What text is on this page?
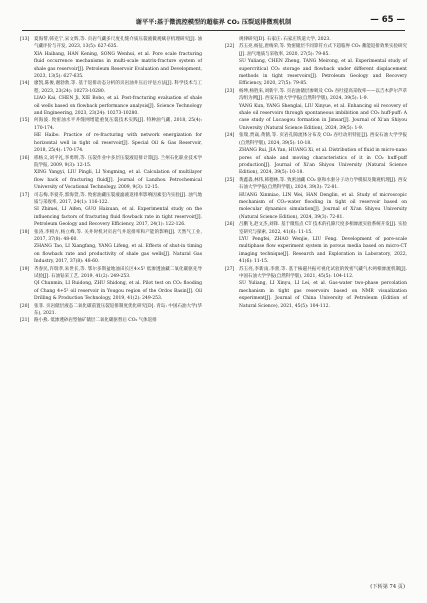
谢平平:基于微流控模型的超临界 CO₂ 压裂返排微观机制	— 65 —
[13] 夏海帮,韩克宁,宋文辉,等. 页岩气藏多尺度孔缝介质压裂液微观赋存机理研究[J]. 油气藏评价与开发, 2023, 13(5): 627-635.
XIA Haibang, HAN Kening, SONG Wenhui, et al. Pore scale fracturing fluid occurrence mechanisms in multi-scale matrix-fracture system of shale gas reservoir[J]. Petroleum Reservoir Evaluation and Development, 2023, 13(5): 627-635.
[14] 廖凯,陈俊,谢勃勃,等. 基于返排动态分析的页岩油井压后评估方法[J]. 科学技术与工程, 2023, 23(24): 10273-10280.
LIAO Kai, CHEN Ji, XIE Bobo, et al. Post-fracturing evaluation of shale oil wells based on flowback performance analysis[J]. Science Technology and Engineering, 2023, 23(24): 10273-10280.
[15] 何海波. 致密油水平井缝网增能重复压裂技术实践[J]. 特种油气藏, 2018, 25(4): 170-174.
HE Haibo. Practice of re-fracturing with network energization for horizontal well in tight oil reservoir[J]. Special Oil & Gas Reservoir, 2018, 25(4): 170-174.
[16] 邢杨义,刘平礼,李勇明,等. 压裂作业中多层压裂液返排计算[J]. 兰州石化职业技术学院学报, 2009, 9(3): 12-15.
XING Yangyi, LIU Pingli, LI Yongming, et al. Calculation of multilayer flow back of fracturing fluid[J]. Journal of Lanzhou Petrochemical University of Vocational Technology, 2009, 9(3): 12-15.
[17] 司志梅,李爱芬,郭海萱,等. 致密油藏压裂液滤液返排率影响因素室内实验[J]. 油气地质与采收率, 2017, 24(1): 116-122.
SI Zhimei, LI Aifen, GUO Haixuan, et al. Experimental study on the influencing factors of fracturing fluid flowback rate in tight reservoir[J]. Petroleum Geology and Recovery Efficiency, 2017, 24(1): 122-126.
[18] 张涛,李相方,杨立峰,等. 关井时机对页岩气井返排率和产能的影响[J]. 天然气工业, 2017, 37(8): 48-60.
ZHANG Tao, LI Xiangfang, YANG Lifeng, et al. Effects of shut-in timing on flowback rate and productivity of shale gas wells[J]. Natural Gas Industry, 2017, 37(8): 48-60.
[19] 齐春民,许瑞孝,朱世长,等. 鄂尔多斯盆地油田长区4×5² 低渗透油藏二氧化碳驱先导试验[J]. 石油钻采工艺, 2019, 41(2): 249-253.
QI Chunmin, LI Ruidong, ZHU Shidong, et al. Pilot test on CO₂ flooding of Chang 4+5² oil reservoir in Yougou region of the Ordos Basin[J]. Oil Drilling & Production Technology, 2019, 41(2): 249-253.
[20] 张菲. 页岩储层液态二氧化碳前置压裂返排制度优化研究[D]. 青岛: 中国石油大学(华东), 2021.
[21] 路小燕. 低渗透砂岩型铀矿储层二氧化碳驱替后 CO₂ 气体返排
规律研究[D]. 石家庄: 石家庄铁道大学, 2023.
[22] 苏玉亮,杨征,唐梅荣,等. 致密储层不同算符方式下超临界 CO₂ 蓄能返排效果实验研究[J]. 油气地质与采收率, 2020, 27(5): 79-85.
SU Yuliang, CHEN Zheng, TANG Meirong, et al. Experimental study of supercritical CO₂ storage and flowback under different displacement methods in tight reservoirs[J]. Petroleum Geology and Recovery Efficiency, 2020, 27(5): 79-85.
[23] 杨坤,杨胜来,刘新宇,等. 页岩油储层渗吸及 CO₂ 吞吐提高采收率——以吉木萨尔芦草沟组为例[J]. 西安石油大学学报(自然科学版), 2024, 39(5): 1-9.
YANG Kun, YANG Shenglai, LIU Xinyue, et al. Enhancing oil recovery of shale oil reservoirs through spontaneous imbibition and CO₂ huff-puff: A case study of Lucaogou formation in Jimsar[J]. Journal of Xi'an Shiyou University (Natural Science Edition), 2024, 39(5): 1-9.
[24] 张瑞,贾焱,黄鹤,等. 页岩孔隙流体分布及 CO₂ 吞吐动用特征[J]. 西安石油大学学报(自然科学版), 2024, 39(5): 10-18.
ZHANG Rui, JIA Yan, HUANG Xi, et al. Distribution of fluid in micro-nano pores of shale and moving characteristics of it in CO₂ huff-puff production[J]. Journal of Xi'an Shiyou University (Natural Science Edition), 2024, 39(5): 10-18.
[25] 黄鑫淼,林伟,韩德林,等. 致密油藏 CO₂ 驱和水驱分子动力学模拟及微观机理[J]. 西安石油大学学报(自然科学版), 2024, 39(3): 72-81.
HUANG Xinmiao, LIN Wei, HAN Denglin, et al. Study of microscopic mechanism of CO₂-water flooding in tight oil reservoir based on molecular dynamics simulation[J]. Journal of Xi'an Shiyou University (Natural Science Edition), 2024, 39(3): 72-81.
[26] 吕鹏飞,赵文杰,刘锋. 基于微焦点 CT 技术的孔隙尺度多相渗流实验系统开发[J]. 实验室研究与探索, 2022, 41(6): 11-15.
LYU Pengfei, ZHAO Wenjie, LIU Feng. Development of pore-scale multiphase flow experiment system in porous media based on micro-CT imaging technique[J]. Research and Exploration in Laboratory, 2022, 41(6): 11-15.
[27] 苏玉亮,李新雨,李蕾,等. 基于核磁共振可视化试验的致密气藏气水两相渗流机制[J]. 中国石油大学学报(自然科学版), 2021, 45(5): 104-112.
SU Yuliang, LI Xinyu, LI Lei, et al. Gas-water two-phase percolation mechanism in tight gas reservoirs based on NMR visualization experiment[J]. Journal of China University of Petroleum (Edition of Natural Science), 2021, 45(5): 104-112.
(下转第 74 页)
